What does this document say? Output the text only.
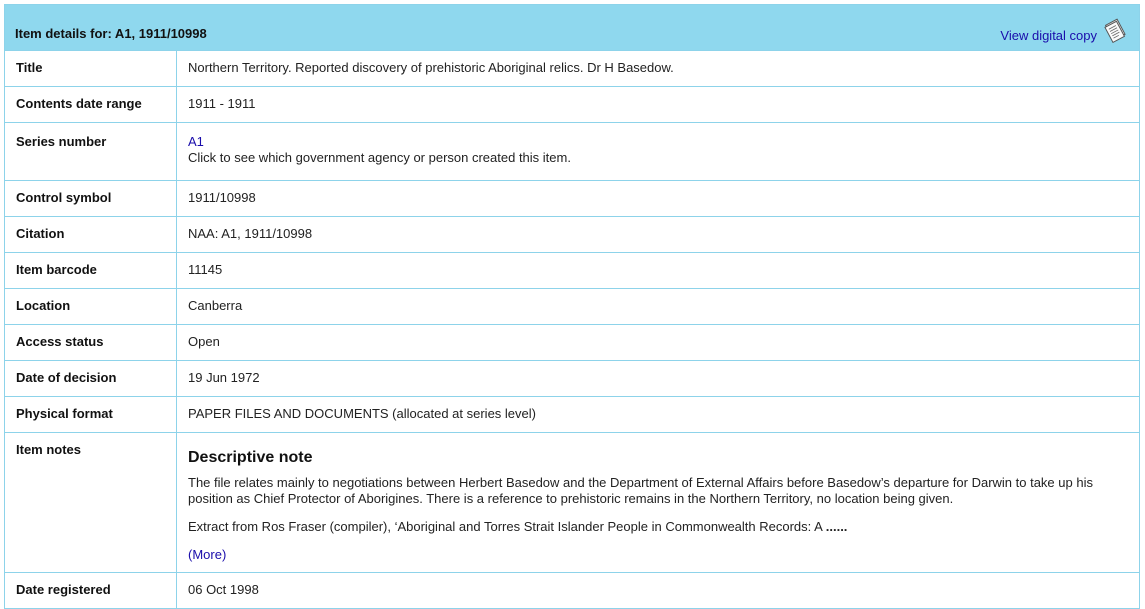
Item details for: A1, 1911/10998	View digital copy
Title	Northern Territory. Reported discovery of prehistoric Aboriginal relics. Dr H Basedow.
Contents date range	1911 - 1911
Series number	A1
Click to see which government agency or person created this item.
Control symbol	1911/10998
Citation	NAA: A1, 1911/10998
Item barcode	11145
Location	Canberra
Access status	Open
Date of decision	19 Jun 1972
Physical format	PAPER FILES AND DOCUMENTS (allocated at series level)
Item notes	Descriptive note

The file relates mainly to negotiations between Herbert Basedow and the Department of External Affairs before Basedow’s departure for Darwin to take up his position as Chief Protector of Aborigines. There is a reference to prehistoric remains in the Northern Territory, no location being given.

Extract from Ros Fraser (compiler), ‘Aboriginal and Torres Strait Islander People in Commonwealth Records: A ......

(More)
Date registered	06 Oct 1998
